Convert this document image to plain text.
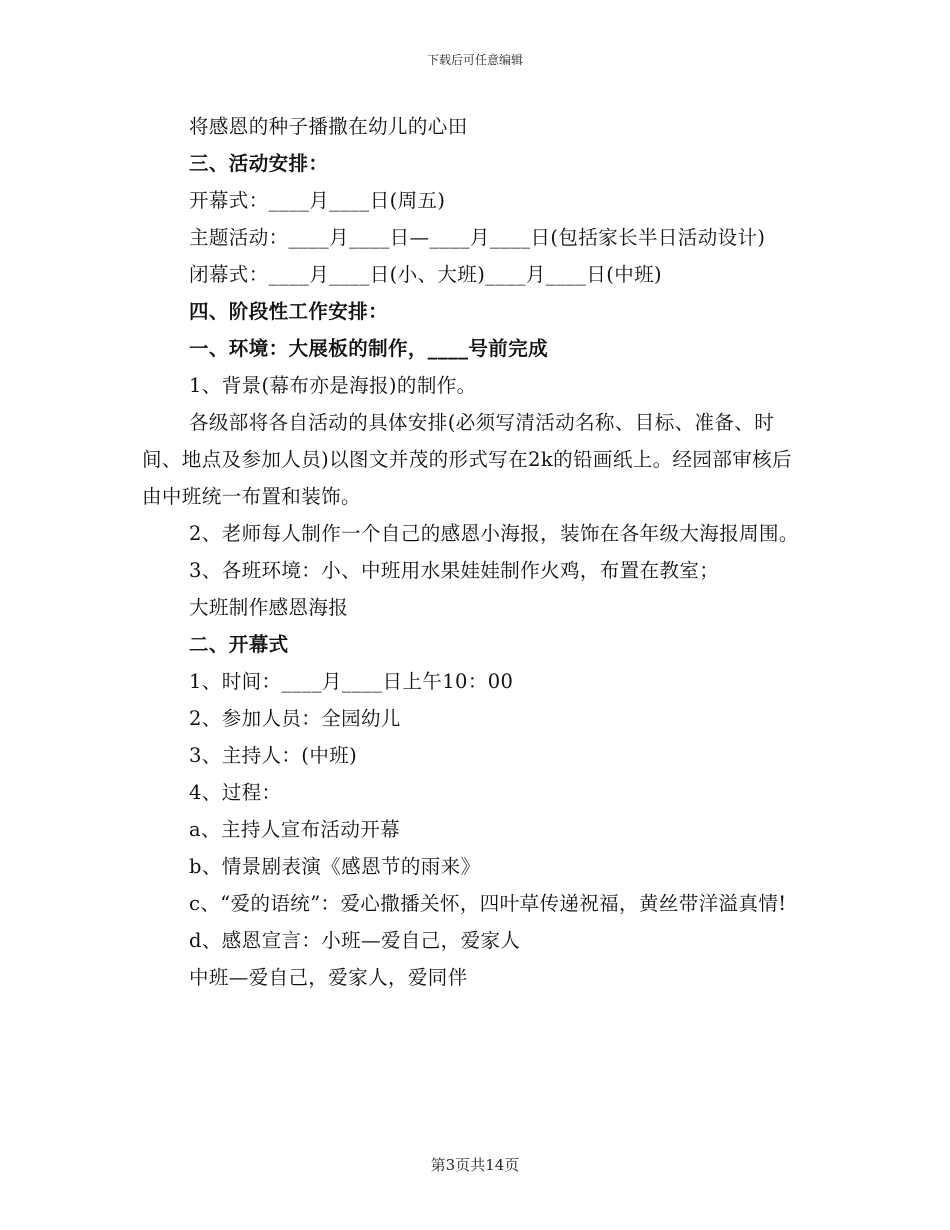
下载后可任意编辑

将感恩的种子播撒在幼儿的心田

三、活动安排：

开幕式：____月____日(周五)

主题活动：____月____日—____月____日(包括家长半日活动设计)

闭幕式：____月____日(小、大班)____月____日(中班)

四、阶段性工作安排：

一、环境：大展板的制作，____号前完成

1、背景(幕布亦是海报)的制作。

各级部将各自活动的具体安排(必须写清活动名称、目标、准备、时间、地点及参加人员)以图文并茂的形式写在2k的铅画纸上。经园部审核后由中班统一布置和装饰。

2、老师每人制作一个自己的感恩小海报，装饰在各年级大海报周围。

3、各班环境：小、中班用水果娃娃制作火鸡，布置在教室；

大班制作感恩海报

二、开幕式

1、时间：____月____日上午10：00

2、参加人员：全园幼儿

3、主持人：(中班)

4、过程：

a、主持人宣布活动开幕

b、情景剧表演《感恩节的雨来》

c、“爱的语统”：爱心撒播关怀，四叶草传递祝福，黄丝带洋溢真情!

d、感恩宣言：小班—爱自己，爱家人

中班—爱自己，爱家人，爱同伴

第3页共14页
